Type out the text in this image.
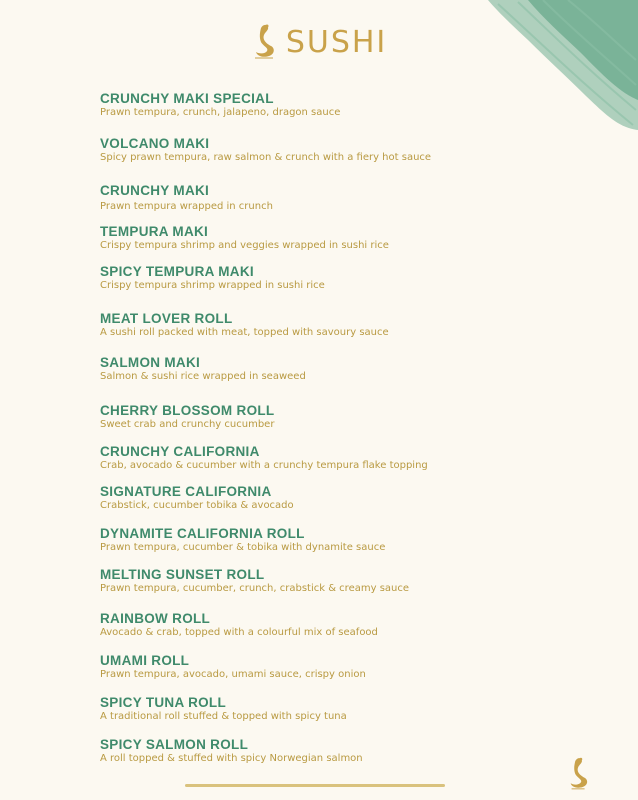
SUSHI
CRUNCHY MAKI SPECIAL
Prawn tempura, crunch, jalapeno, dragon sauce
VOLCANO MAKI
Spicy prawn tempura, raw salmon & crunch with a fiery hot sauce
CRUNCHY MAKI
Prawn tempura wrapped in crunch
TEMPURA MAKI
Crispy tempura shrimp and veggies wrapped in sushi rice
SPICY TEMPURA MAKI
Crispy tempura shrimp wrapped in sushi rice
MEAT LOVER ROLL
A sushi roll packed with meat, topped with savoury sauce
SALMON MAKI
Salmon & sushi rice wrapped in seaweed
CHERRY BLOSSOM ROLL
Sweet crab and crunchy cucumber
CRUNCHY CALIFORNIA
Crab, avocado & cucumber with a crunchy tempura flake topping
SIGNATURE CALIFORNIA
Crabstick, cucumber tobika & avocado
DYNAMITE CALIFORNIA ROLL
Prawn tempura, cucumber & tobika with dynamite sauce
MELTING SUNSET ROLL
Prawn tempura, cucumber, crunch, crabstick & creamy sauce
RAINBOW ROLL
Avocado & crab, topped with a colourful mix of seafood
UMAMI ROLL
Prawn tempura, avocado, umami sauce, crispy onion
SPICY TUNA ROLL
A traditional roll stuffed & topped with spicy tuna
SPICY SALMON ROLL
A roll topped & stuffed with spicy Norwegian salmon
